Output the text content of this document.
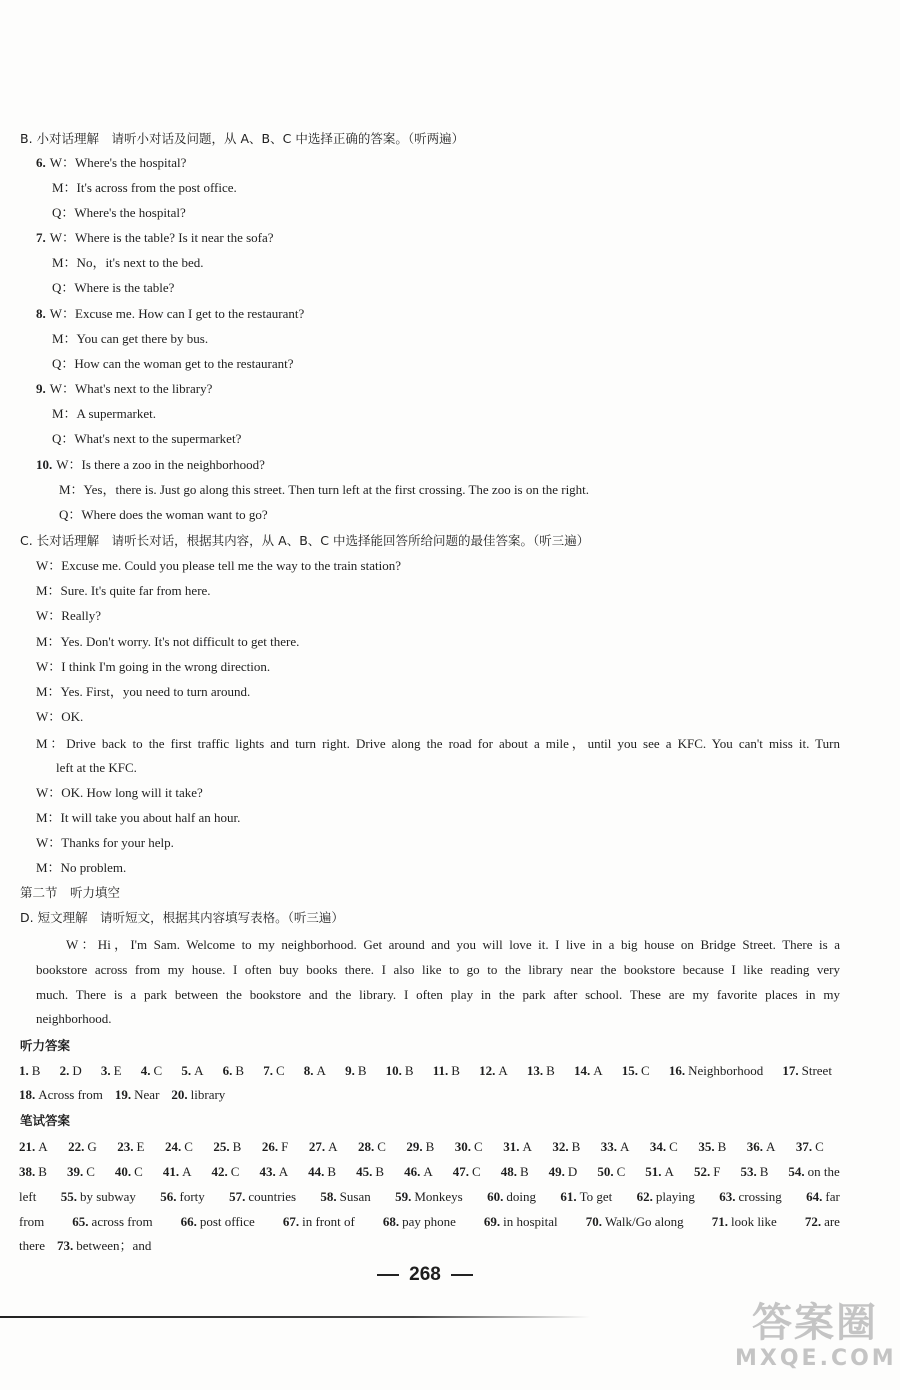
B. 小对话理解　请听小对话及问题，从 A、B、C 中选择正确的答案。（听两遍）
6. W：Where's the hospital?
M：It's across from the post office.
Q：Where's the hospital?
7. W：Where is the table? Is it near the sofa?
M：No，it's next to the bed.
Q：Where is the table?
8. W：Excuse me. How can I get to the restaurant?
M：You can get there by bus.
Q：How can the woman get to the restaurant?
9. W：What's next to the library?
M：A supermarket.
Q：What's next to the supermarket?
10. W：Is there a zoo in the neighborhood?
M：Yes，there is. Just go along this street. Then turn left at the first crossing. The zoo is on the right.
Q：Where does the woman want to go?
C. 长对话理解　请听长对话，根据其内容，从 A、B、C 中选择能回答所给问题的最佳答案。（听三遍）
W：Excuse me. Could you please tell me the way to the train station?
M：Sure. It's quite far from here.
W：Really?
M：Yes. Don't worry. It's not difficult to get there.
W：I think I'm going in the wrong direction.
M：Yes. First，you need to turn around.
W：OK.
M：Drive back to the first traffic lights and turn right. Drive along the road for about a mile，until you see a KFC. You can't miss it. Turn
left at the KFC.
W：OK. How long will it take?
M：It will take you about half an hour.
W：Thanks for your help.
M：No problem.
第二节　听力填空
D. 短文理解　请听短文，根据其内容填写表格。（听三遍）
W：Hi，I'm Sam. Welcome to my neighborhood. Get around and you will love it. I live in a big house on Bridge Street. There is a
bookstore across from my house. I often buy books there. I also like to go to the library near the bookstore because I like reading very
much. There is a park between the bookstore and the library. I often play in the park after school. These are my favorite places in my
neighborhood.
听力答案
1. B 2. D 3. E 4. C 5. A 6. B 7. C 8. A 9. B 10. B 11. B 12. A 13. B 14. A 15. C 16. Neighborhood 17. Street
18. Across from 19. Near 20. library
笔试答案
21. A 22. G 23. E 24. C 25. B 26. F 27. A 28. C 29. B 30. C 31. A 32. B 33. A 34. C 35. B 36. A 37. C
38. B 39. C 40. C 41. A 42. C 43. A 44. B 45. B 46. A 47. C 48. B 49. D 50. C 51. A 52. F 53. B 54. on the
left 55. by subway 56. forty 57. countries 58. Susan 59. Monkeys 60. doing 61. To get 62. playing 63. crossing 64. far
from 65. across from 66. post office 67. in front of 68. pay phone 69. in hospital 70. Walk/Go along 71. look like 72. are
there 73. between；and
268
答案圈
MXQE.COM
